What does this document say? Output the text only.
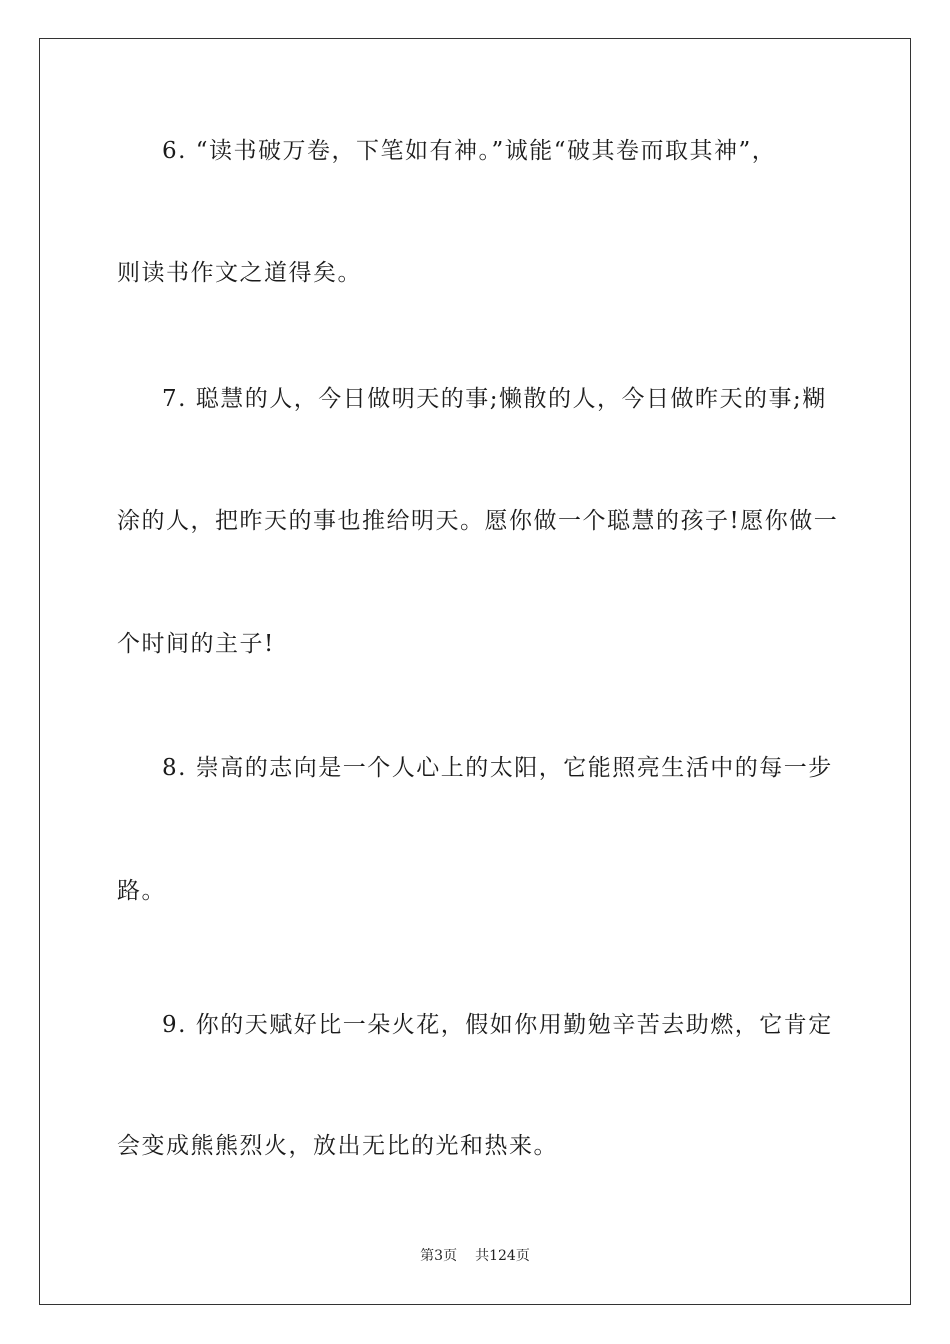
6. “读书破万卷，下笔如有神。”诚能“破其卷而取其神”，
则读书作文之道得矣。
7. 聪慧的人，今日做明天的事;懒散的人，今日做昨天的事;糊
涂的人，把昨天的事也推给明天。愿你做一个聪慧的孩子!愿你做一
个时间的主子!
8. 崇高的志向是一个人心上的太阳，它能照亮生活中的每一步
路。
9. 你的天赋好比一朵火花，假如你用勤勉辛苦去助燃，它肯定
会变成熊熊烈火，放出无比的光和热来。
第3页 共124页
